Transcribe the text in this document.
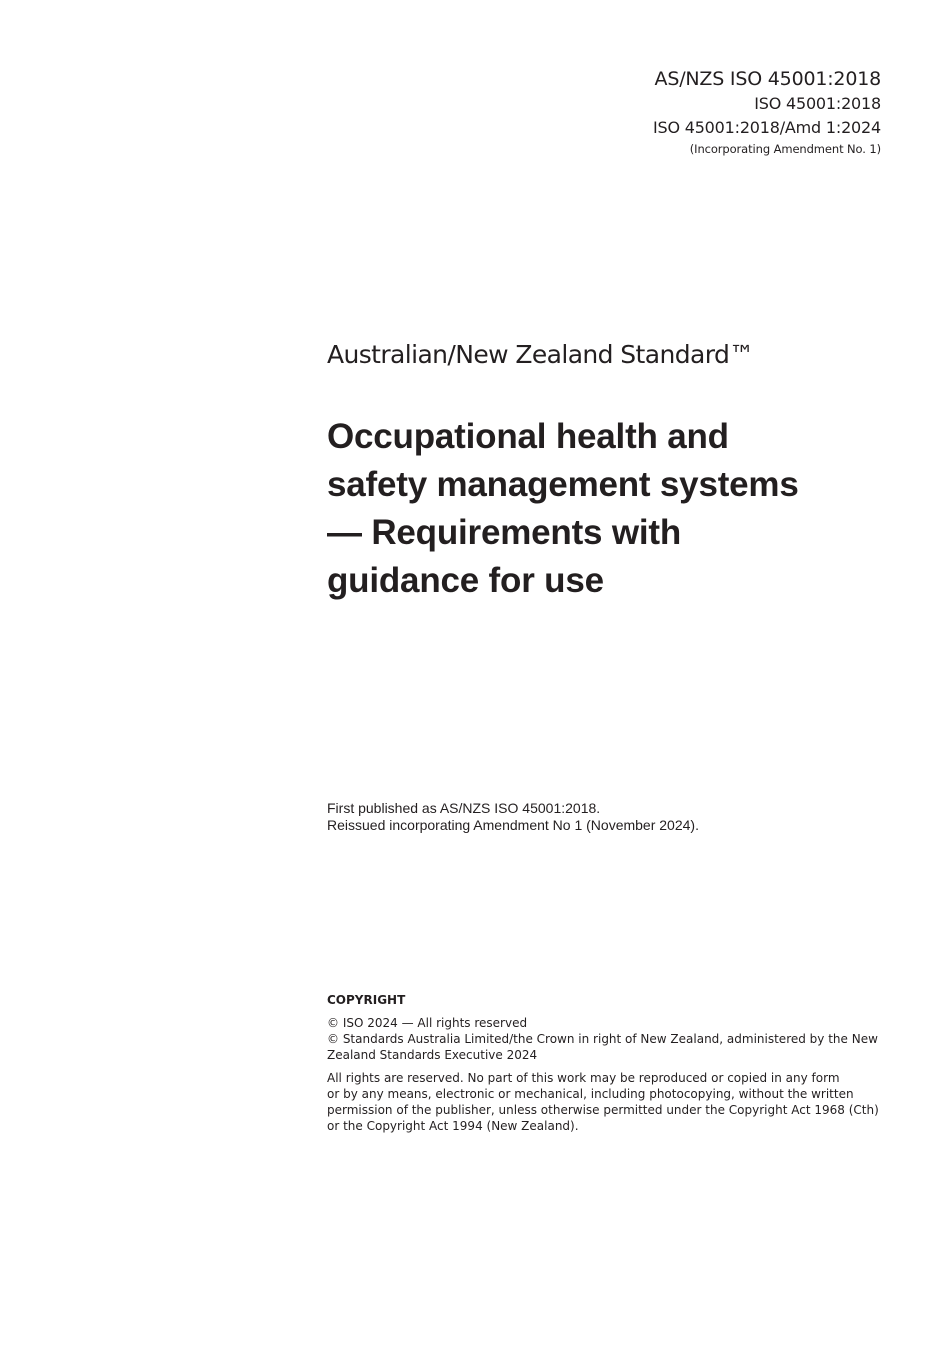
AS/NZS ISO 45001:2018
ISO 45001:2018
ISO 45001:2018/Amd 1:2024
(Incorporating Amendment No. 1)
Australian/New Zealand Standard™
Occupational health and
safety management systems
— Requirements with
guidance for use
First published as AS/NZS ISO 45001:2018.
Reissued incorporating Amendment No 1 (November 2024).
COPYRIGHT
© ISO 2024 — All rights reserved
© Standards Australia Limited/the Crown in right of New Zealand, administered by the New Zealand Standards Executive 2024
All rights are reserved. No part of this work may be reproduced or copied in any form
or by any means, electronic or mechanical, including photocopying, without the written
permission of the publisher, unless otherwise permitted under the Copyright Act 1968 (Cth)
or the Copyright Act 1994 (New Zealand).
